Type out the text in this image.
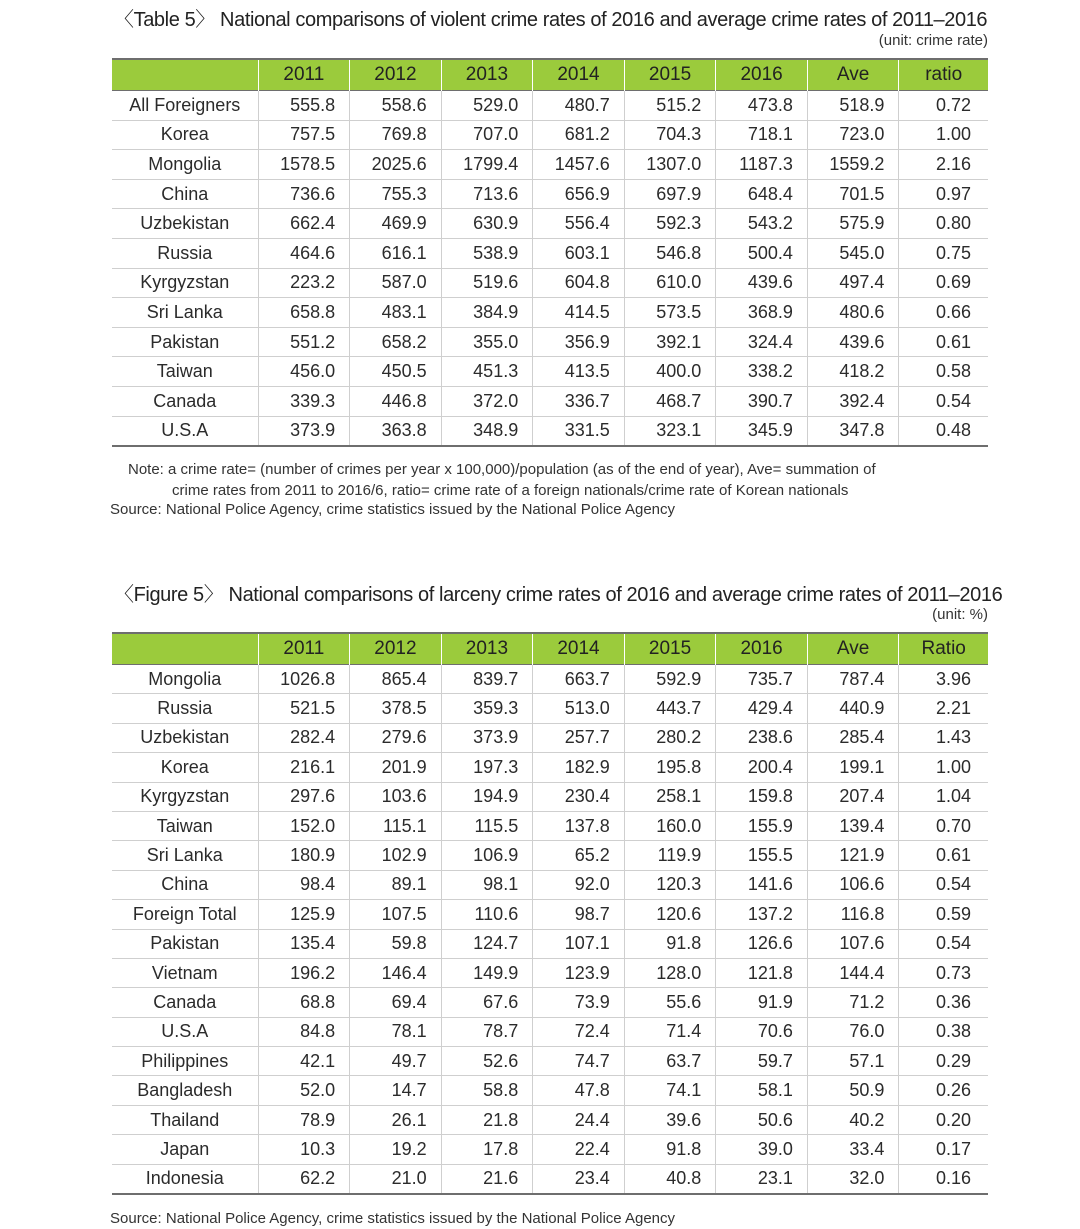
〈Table 5〉 National comparisons of violent crime rates of 2016 and average crime rates of 2011–2016
(unit: crime rate)
	2011	2012	2013	2014	2015	2016	Ave	ratio
All Foreigners	555.8	558.6	529.0	480.7	515.2	473.8	518.9	0.72
Korea	757.5	769.8	707.0	681.2	704.3	718.1	723.0	1.00
Mongolia	1578.5	2025.6	1799.4	1457.6	1307.0	1187.3	1559.2	2.16
China	736.6	755.3	713.6	656.9	697.9	648.4	701.5	0.97
Uzbekistan	662.4	469.9	630.9	556.4	592.3	543.2	575.9	0.80
Russia	464.6	616.1	538.9	603.1	546.8	500.4	545.0	0.75
Kyrgyzstan	223.2	587.0	519.6	604.8	610.0	439.6	497.4	0.69
Sri Lanka	658.8	483.1	384.9	414.5	573.5	368.9	480.6	0.66
Pakistan	551.2	658.2	355.0	356.9	392.1	324.4	439.6	0.61
Taiwan	456.0	450.5	451.3	413.5	400.0	338.2	418.2	0.58
Canada	339.3	446.8	372.0	336.7	468.7	390.7	392.4	0.54
U.S.A	373.9	363.8	348.9	331.5	323.1	345.9	347.8	0.48
Note: a crime rate= (number of crimes per year x 100,000)/population (as of the end of year), Ave= summation of
crime rates from 2011 to 2016/6, ratio= crime rate of a foreign nationals/crime rate of Korean nationals
Source: National Police Agency, crime statistics issued by the National Police Agency
〈Figure 5〉 National comparisons of larceny crime rates of 2016 and average crime rates of 2011–2016
(unit: %)
	2011	2012	2013	2014	2015	2016	Ave	Ratio
Mongolia	1026.8	865.4	839.7	663.7	592.9	735.7	787.4	3.96
Russia	521.5	378.5	359.3	513.0	443.7	429.4	440.9	2.21
Uzbekistan	282.4	279.6	373.9	257.7	280.2	238.6	285.4	1.43
Korea	216.1	201.9	197.3	182.9	195.8	200.4	199.1	1.00
Kyrgyzstan	297.6	103.6	194.9	230.4	258.1	159.8	207.4	1.04
Taiwan	152.0	115.1	115.5	137.8	160.0	155.9	139.4	0.70
Sri Lanka	180.9	102.9	106.9	65.2	119.9	155.5	121.9	0.61
China	98.4	89.1	98.1	92.0	120.3	141.6	106.6	0.54
Foreign Total	125.9	107.5	110.6	98.7	120.6	137.2	116.8	0.59
Pakistan	135.4	59.8	124.7	107.1	91.8	126.6	107.6	0.54
Vietnam	196.2	146.4	149.9	123.9	128.0	121.8	144.4	0.73
Canada	68.8	69.4	67.6	73.9	55.6	91.9	71.2	0.36
U.S.A	84.8	78.1	78.7	72.4	71.4	70.6	76.0	0.38
Philippines	42.1	49.7	52.6	74.7	63.7	59.7	57.1	0.29
Bangladesh	52.0	14.7	58.8	47.8	74.1	58.1	50.9	0.26
Thailand	78.9	26.1	21.8	24.4	39.6	50.6	40.2	0.20
Japan	10.3	19.2	17.8	22.4	91.8	39.0	33.4	0.17
Indonesia	62.2	21.0	21.6	23.4	40.8	23.1	32.0	0.16
Source: National Police Agency, crime statistics issued by the National Police Agency
